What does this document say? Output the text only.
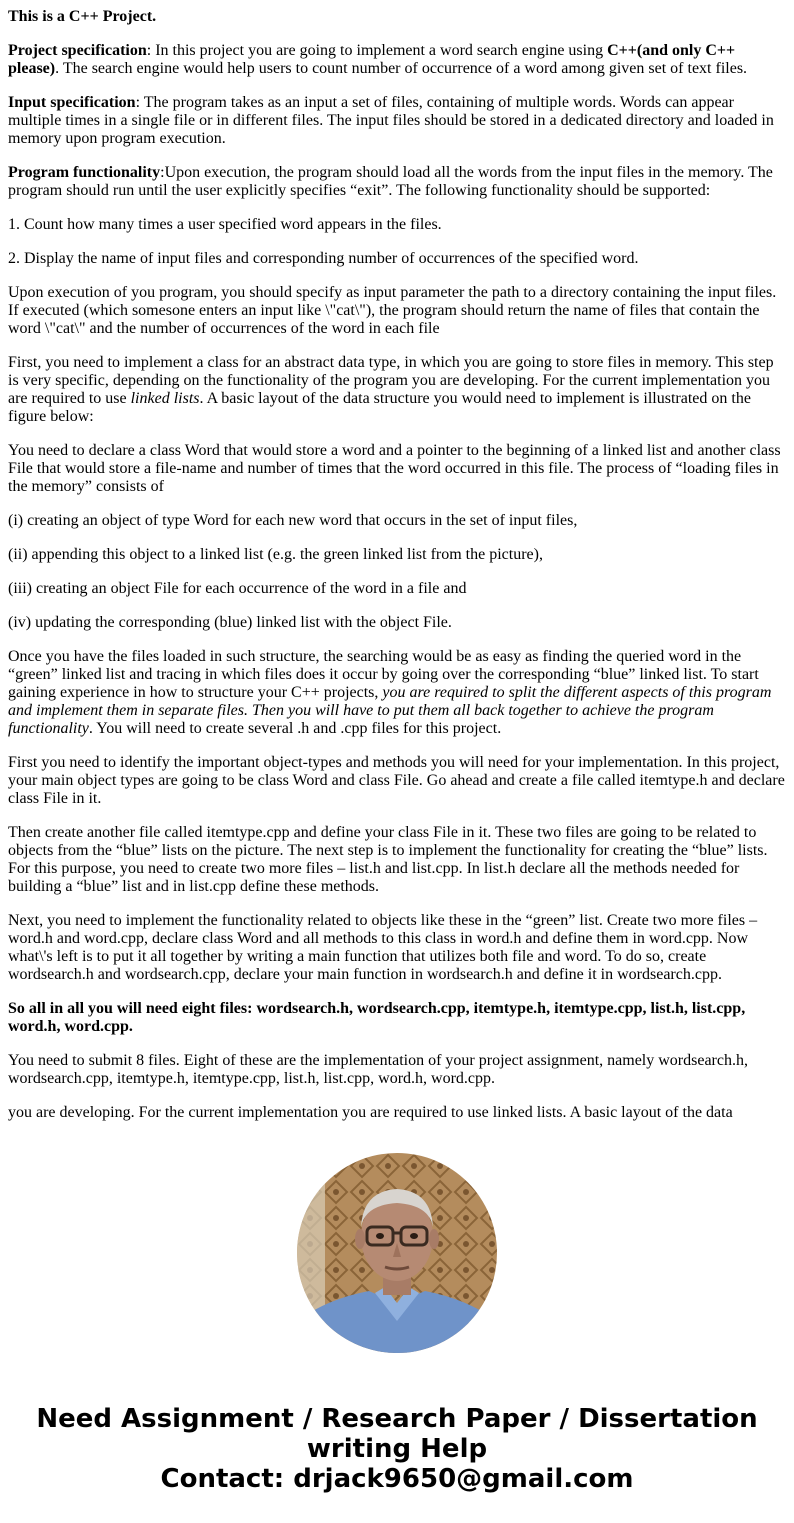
This is a C++ Project.

Project specification: In this project you are going to implement a word search engine using C++(and only C++ please). The search engine would help users to count number of occurrence of a word among given set of text files.

Input specification: The program takes as an input a set of files, containing of multiple words. Words can appear multiple times in a single file or in different files. The input files should be stored in a dedicated directory and loaded in memory upon program execution.

Program functionality:Upon execution, the program should load all the words from the input files in the memory. The program should run until the user explicitly specifies “exit”. The following functionality should be supported:

1. Count how many times a user specified word appears in the files.

2. Display the name of input files and corresponding number of occurrences of the specified word.

Upon execution of you program, you should specify as input parameter the path to a directory containing the input files. If executed (which somesone enters an input like \"cat\"), the program should return the name of files that contain the word \"cat\" and the number of occurrences of the word in each file

First, you need to implement a class for an abstract data type, in which you are going to store files in memory. This step is very specific, depending on the functionality of the program you are developing. For the current implementation you are required to use linked lists. A basic layout of the data structure you would need to implement is illustrated on the figure below:

You need to declare a class Word that would store a word and a pointer to the beginning of a linked list and another class File that would store a file-name and number of times that the word occurred in this file. The process of “loading files in the memory” consists of

(i) creating an object of type Word for each new word that occurs in the set of input files,

(ii) appending this object to a linked list (e.g. the green linked list from the picture),

(iii) creating an object File for each occurrence of the word in a file and

(iv) updating the corresponding (blue) linked list with the object File.

Once you have the files loaded in such structure, the searching would be as easy as finding the queried word in the “green” linked list and tracing in which files does it occur by going over the corresponding “blue” linked list. To start gaining experience in how to structure your C++ projects, you are required to split the different aspects of this program and implement them in separate files. Then you will have to put them all back together to achieve the program functionality. You will need to create several .h and .cpp files for this project.

First you need to identify the important object-types and methods you will need for your implementation. In this project, your main object types are going to be class Word and class File. Go ahead and create a file called itemtype.h and declare class File in it.

Then create another file called itemtype.cpp and define your class File in it. These two files are going to be related to objects from the “blue” lists on the picture. The next step is to implement the functionality for creating the “blue” lists. For this purpose, you need to create two more files – list.h and list.cpp. In list.h declare all the methods needed for building a “blue” list and in list.cpp define these methods.

Next, you need to implement the functionality related to objects like these in the “green” list. Create two more files – word.h and word.cpp, declare class Word and all methods to this class in word.h and define them in word.cpp. Now what\'s left is to put it all together by writing a main function that utilizes both file and word. To do so, create wordsearch.h and wordsearch.cpp, declare your main function in wordsearch.h and define it in wordsearch.cpp.

So all in all you will need eight files: wordsearch.h, wordsearch.cpp, itemtype.h, itemtype.cpp, list.h, list.cpp, word.h, word.cpp.

You need to submit 8 files. Eight of these are the implementation of your project assignment, namely wordsearch.h, wordsearch.cpp, itemtype.h, itemtype.cpp, list.h, list.cpp, word.h, word.cpp.

you are developing. For the current implementation you are required to use linked lists. A basic layout of the data

Need Assignment / Research Paper / Dissertation writing Help
Contact: drjack9650@gmail.com
